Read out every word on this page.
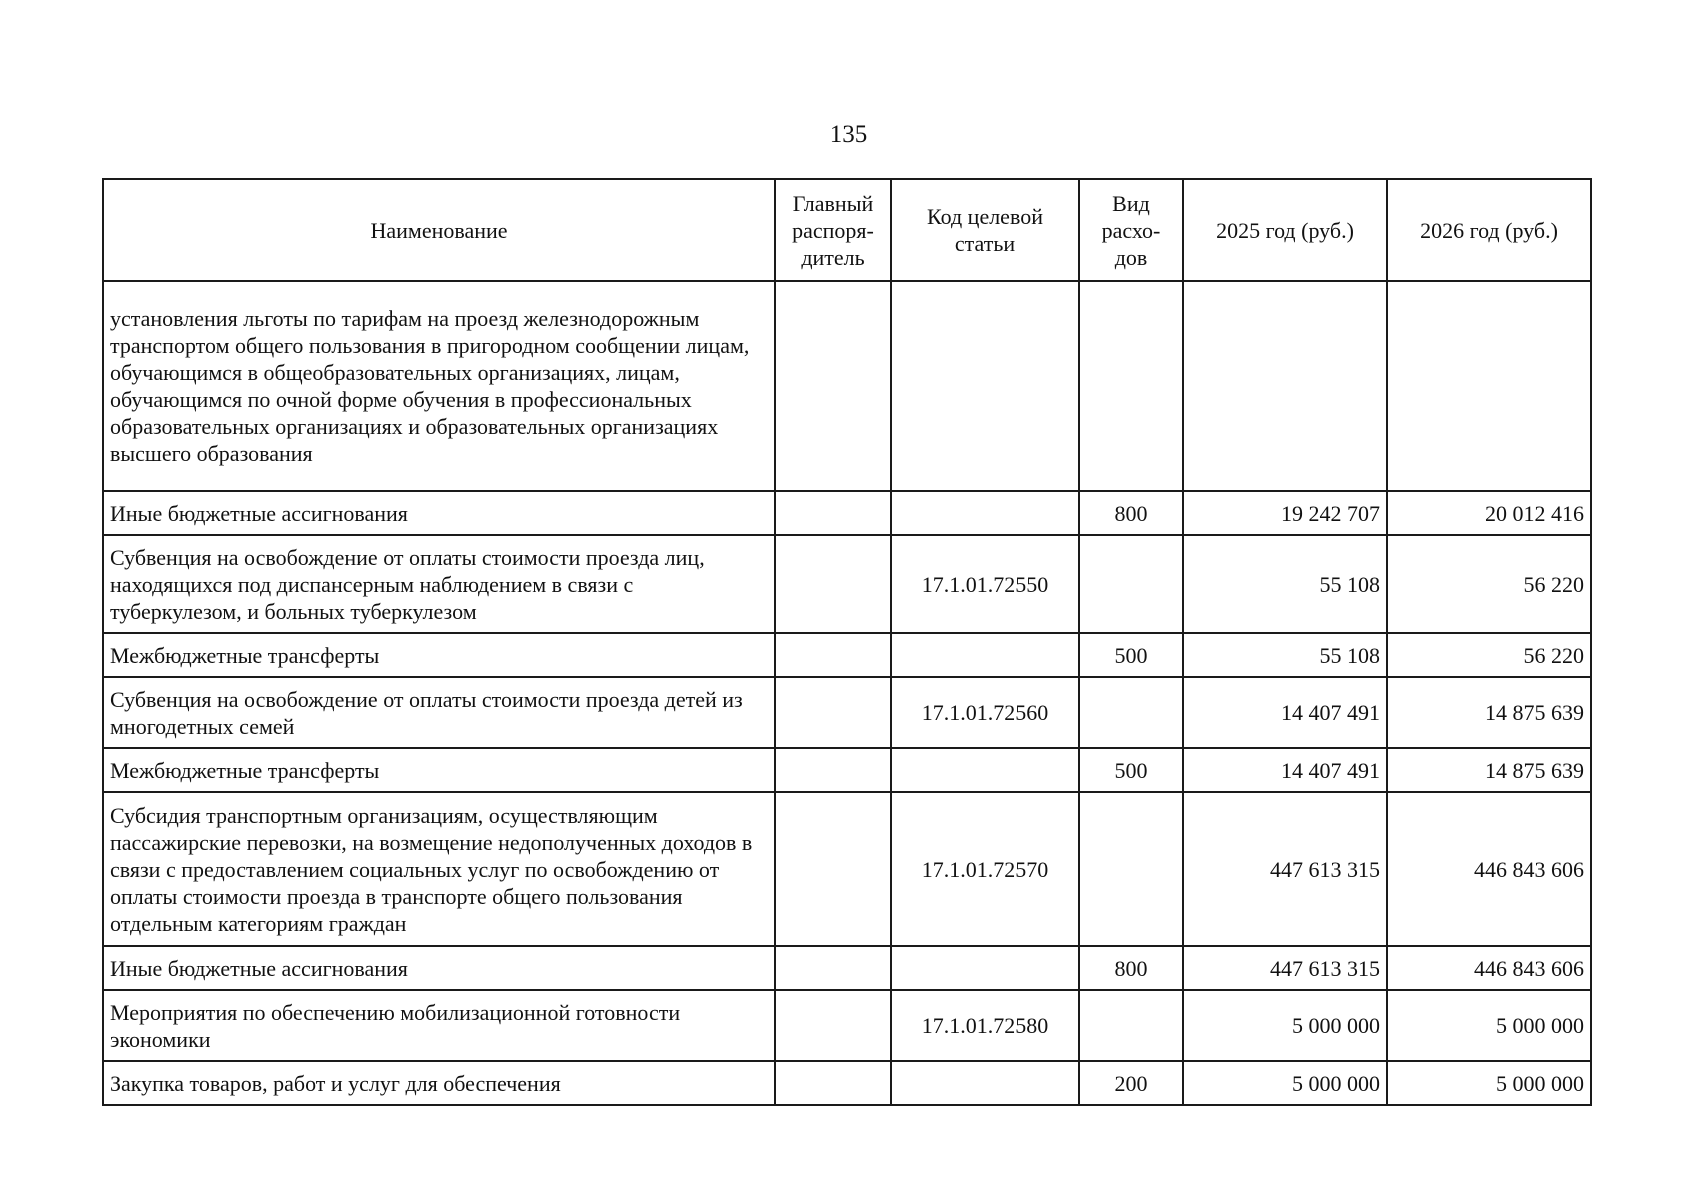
135
Наименование	Главный распоря-дитель	Код целевой статьи	Вид расхо-дов	2025 год (руб.)	2026 год (руб.)
установления льготы по тарифам на проезд железнодорожным транспортом общего пользования в пригородном сообщении лицам, обучающимся в общеобразовательных организациях, лицам, обучающимся по очной форме обучения в профессиональных образовательных организациях и образовательных организациях высшего образования					
Иные бюджетные ассигнования			800	19 242 707	20 012 416
Субвенция на освобождение от оплаты стоимости проезда лиц, находящихся под диспансерным наблюдением в связи с туберкулезом, и больных туберкулезом		17.1.01.72550		55 108	56 220
Межбюджетные трансферты			500	55 108	56 220
Субвенция на освобождение от оплаты стоимости проезда детей из многодетных семей		17.1.01.72560		14 407 491	14 875 639
Межбюджетные трансферты			500	14 407 491	14 875 639
Субсидия транспортным организациям, осуществляющим пассажирские перевозки, на возмещение недополученных доходов в связи с предоставлением социальных услуг по освобождению от оплаты стоимости проезда в транспорте общего пользования отдельным категориям граждан		17.1.01.72570		447 613 315	446 843 606
Иные бюджетные ассигнования			800	447 613 315	446 843 606
Мероприятия по обеспечению мобилизационной готовности экономики		17.1.01.72580		5 000 000	5 000 000
Закупка товаров, работ и услуг для обеспечения			200	5 000 000	5 000 000
